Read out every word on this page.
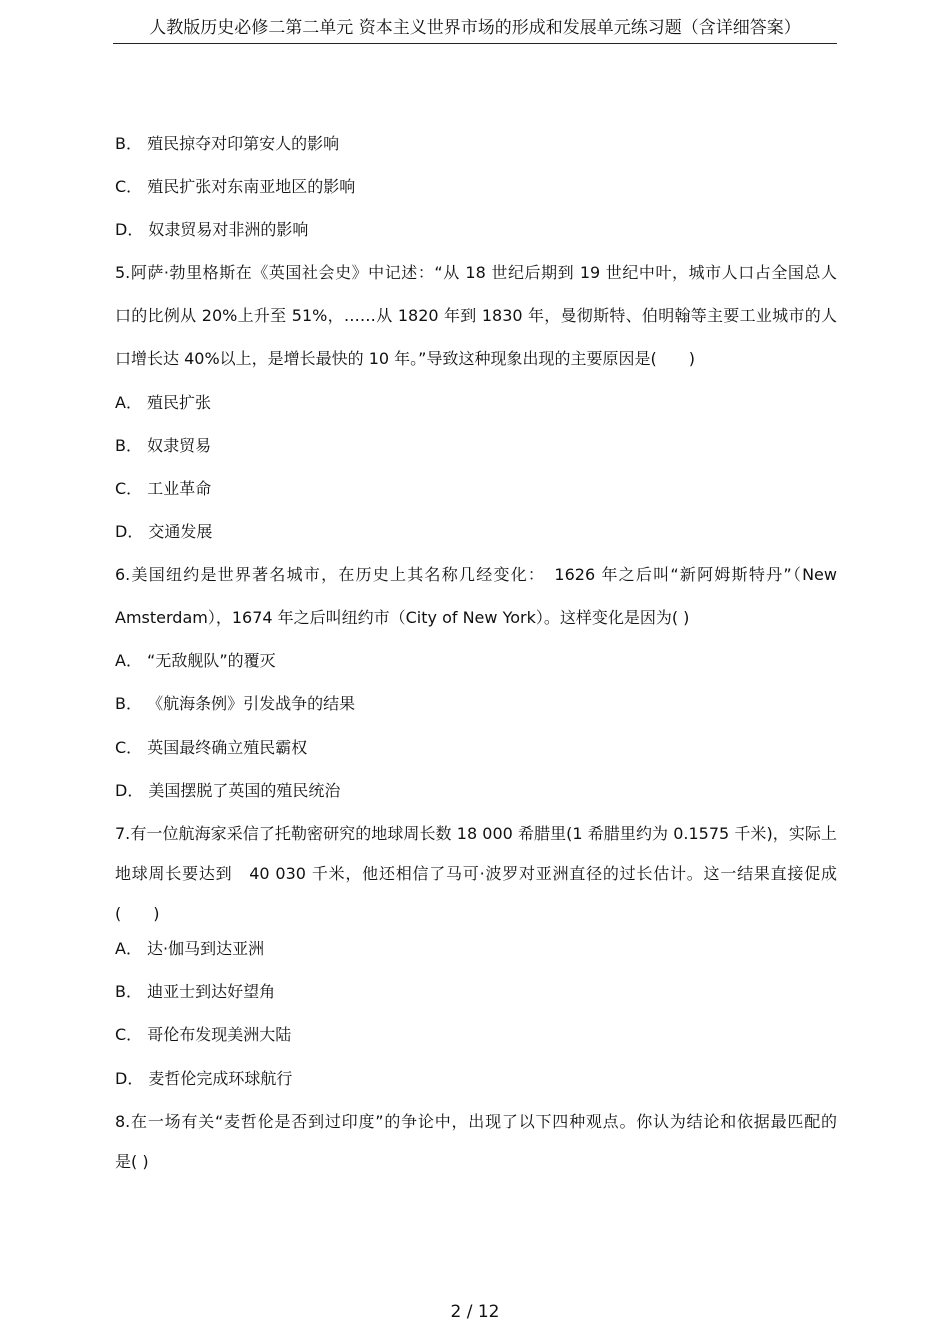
人教版历史必修二第二单元 资本主义世界市场的形成和发展单元练习题（含详细答案）
B． 殖民掠夺对印第安人的影响
C． 殖民扩张对东南亚地区的影响
D． 奴隶贸易对非洲的影响
5.阿萨·勃里格斯在《英国社会史》中记述：“从 18 世纪后期到 19 世纪中叶，城市人口占全国总人
口的比例从 20%上升至 51%，……从 1820 年到 1830 年，曼彻斯特、伯明翰等主要工业城市的人
口增长达 40%以上，是增长最快的 10 年。”导致这种现象出现的主要原因是(　　)
A． 殖民扩张
B． 奴隶贸易
C． 工业革命
D． 交通发展
6.美国纽约是世界著名城市，在历史上其名称几经变化：　1626 年之后叫“新阿姆斯特丹”（New
Amsterdam），1674 年之后叫纽约市（City of New York）。这样变化是因为( )
A． “无敌舰队”的覆灭
B． 《航海条例》引发战争的结果
C． 英国最终确立殖民霸权
D． 美国摆脱了英国的殖民统治
7.有一位航海家采信了托勒密研究的地球周长数 18 000 希腊里(1 希腊里约为 0.1575 千米)，实际上
地球周长要达到　40 030 千米，他还相信了马可·波罗对亚洲直径的过长估计。这一结果直接促成
(　　)
A． 达·伽马到达亚洲
B． 迪亚士到达好望角
C． 哥伦布发现美洲大陆
D． 麦哲伦完成环球航行
8.在一场有关“麦哲伦是否到过印度”的争论中，出现了以下四种观点。你认为结论和依据最匹配的
是( )
2 / 12
